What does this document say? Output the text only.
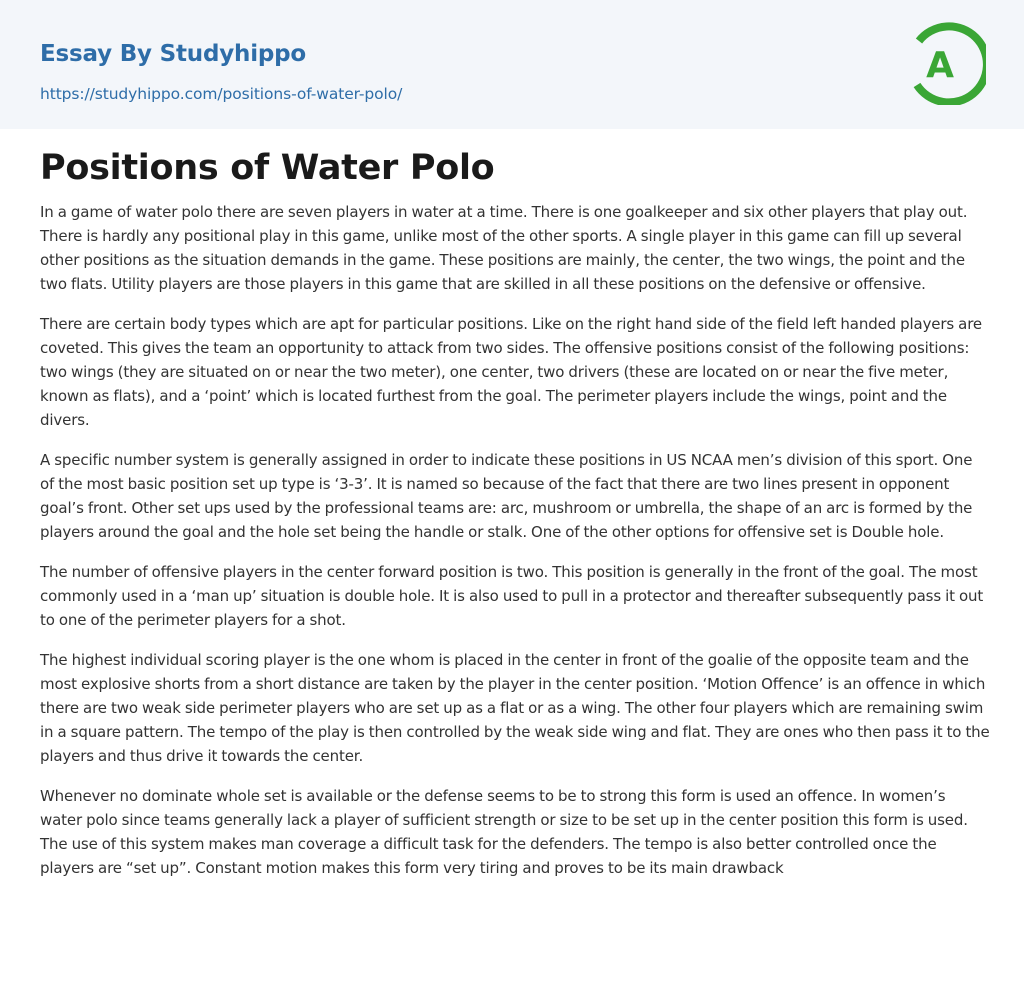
Essay By Studyhippo
https://studyhippo.com/positions-of-water-polo/
A
Positions of Water Polo

In a game of water polo there are seven players in water at a time. There is one goalkeeper and six other players that play out. There is hardly any positional play in this game, unlike most of the other sports. A single player in this game can fill up several other positions as the situation demands in the game. These positions are mainly, the center, the two wings, the point and the two flats. Utility players are those players in this game that are skilled in all these positions on the defensive or offensive.

There are certain body types which are apt for particular positions. Like on the right hand side of the field left handed players are coveted. This gives the team an opportunity to attack from two sides. The offensive positions consist of the following positions: two wings (they are situated on or near the two meter), one center, two drivers (these are located on or near the five meter, known as flats), and a ‘point’ which is located furthest from the goal. The perimeter players include the wings, point and the divers.

A specific number system is generally assigned in order to indicate these positions in US NCAA men’s division of this sport. One of the most basic position set up type is ‘3-3’. It is named so because of the fact that there are two lines present in opponent goal’s front. Other set ups used by the professional teams are: arc, mushroom or umbrella, the shape of an arc is formed by the players around the goal and the hole set being the handle or stalk. One of the other options for offensive set is Double hole.

The number of offensive players in the center forward position is two. This position is generally in the front of the goal. The most commonly used in a ‘man up’ situation is double hole. It is also used to pull in a protector and thereafter subsequently pass it out to one of the perimeter players for a shot.

The highest individual scoring player is the one whom is placed in the center in front of the goalie of the opposite team and the most explosive shorts from a short distance are taken by the player in the center position. ‘Motion Offence’ is an offence in which there are two weak side perimeter players who are set up as a flat or as a wing. The other four players which are remaining swim in a square pattern. The tempo of the play is then controlled by the weak side wing and flat. They are ones who then pass it to the players and thus drive it towards the center.

Whenever no dominate whole set is available or the defense seems to be to strong this form is used an offence. In women’s water polo since teams generally lack a player of sufficient strength or size to be set up in the center position this form is used. The use of this system makes man coverage a difficult task for the defenders. The tempo is also better controlled once the players are “set up”. Constant motion makes this form very tiring and proves to be its main drawback
